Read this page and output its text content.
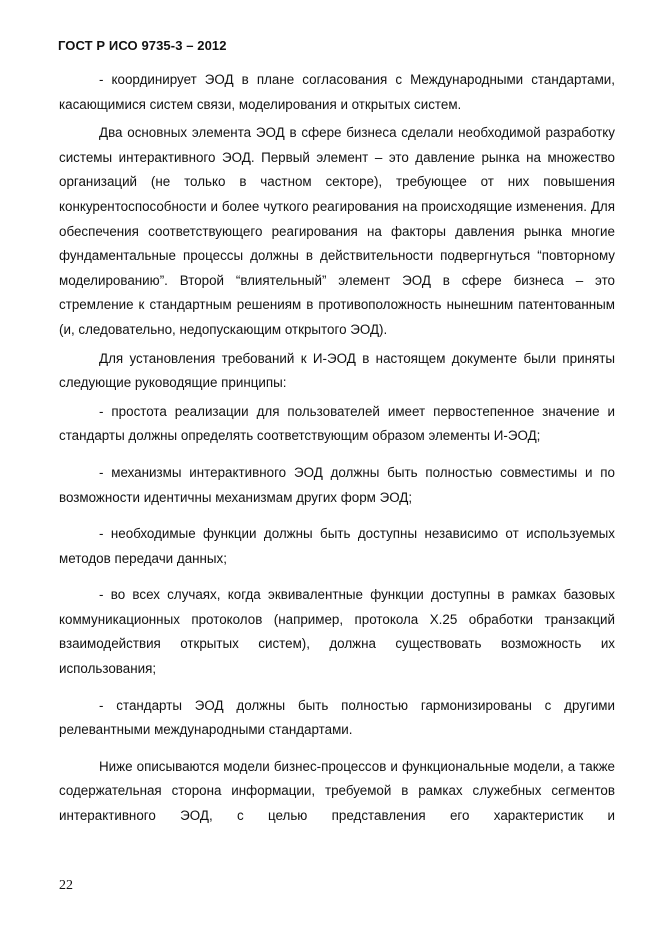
ГОСТ Р ИСО 9735-3 – 2012

- координирует ЭОД в плане согласования с Международными стандартами, касающимися систем связи, моделирования и открытых систем.

Два основных элемента ЭОД в сфере бизнеса сделали необходимой разработку системы интерактивного ЭОД. Первый элемент – это давление рынка на множество организаций (не только в частном секторе), требующее от них повышения конкурентоспособности и более чуткого реагирования на происходящие изменения. Для обеспечения соответствующего реагирования на факторы давления рынка многие фундаментальные процессы должны в действительности подвергнуться “повторному моделированию”. Второй “влиятельный” элемент ЭОД в сфере бизнеса – это стремление к стандартным решениям в противоположность нынешним патентованным (и, следовательно, недопускающим открытого ЭОД).

Для установления требований к И-ЭОД в настоящем документе были приняты следующие руководящие принципы:

- простота реализации для пользователей имеет первостепенное значение и стандарты должны определять соответствующим образом элементы И-ЭОД;

- механизмы интерактивного ЭОД должны быть полностью совместимы и по возможности идентичны механизмам других форм ЭОД;

- необходимые функции должны быть доступны независимо от используемых методов передачи данных;

- во всех случаях, когда эквивалентные функции доступны в рамках базовых коммуникационных протоколов (например, протокола Х.25 обработки транзакций взаимодействия открытых систем), должна существовать возможность их использования;

- стандарты ЭОД должны быть полностью гармонизированы с другими релевантными международными стандартами.

Ниже описываются модели бизнес-процессов и функциональные модели, а также содержательная сторона информации, требуемой в рамках служебных сегментов интерактивного ЭОД, с целью представления его характеристик и

22
